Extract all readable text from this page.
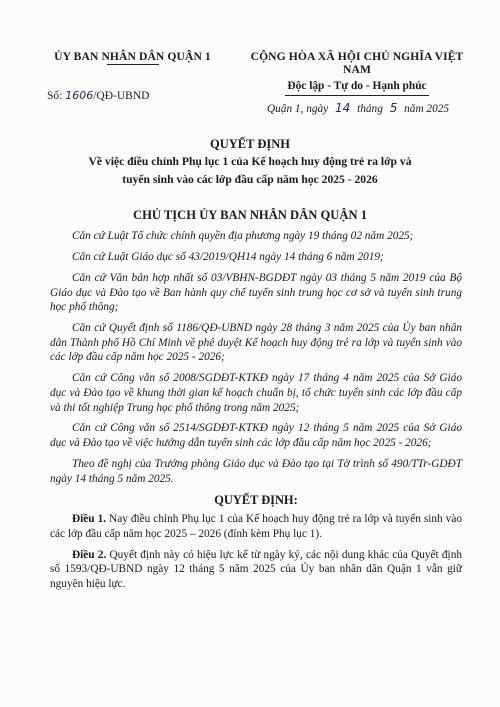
ỦY BAN NHÂN DÂN QUẬN 1	CỘNG HÒA XÃ HỘI CHỦ NGHĨA VIỆT NAM
Độc lập - Tự do - Hạnh phúc
Số: 1606/QĐ-UBND
Quận 1, ngày 14 tháng 5 năm 2025
QUYẾT ĐỊNH
Về việc điều chỉnh Phụ lục 1 của Kế hoạch huy động trẻ ra lớp và
tuyển sinh vào các lớp đầu cấp năm học 2025 - 2026
CHỦ TỊCH ỦY BAN NHÂN DÂN QUẬN 1

Căn cứ Luật Tổ chức chính quyền địa phương ngày 19 tháng 02 năm 2025;

Căn cứ Luật Giáo dục số 43/2019/QH14 ngày 14 tháng 6 năm 2019;

Căn cứ Văn bản hợp nhất số 03/VBHN-BGDĐT ngày 03 tháng 5 năm 2019 của Bộ Giáo dục và Đào tạo về Ban hành quy chế tuyển sinh trung học cơ sở và tuyển sinh trung học phổ thông;

Căn cứ Quyết định số 1186/QĐ-UBND ngày 28 tháng 3 năm 2025 của Ủy ban nhân dân Thành phố Hồ Chí Minh về phê duyệt Kế hoạch huy động trẻ ra lớp và tuyển sinh vào các lớp đầu cấp năm học 2025 - 2026;

Căn cứ Công văn số 2008/SGDĐT-KTKĐ ngày 17 tháng 4 năm 2025 của Sở Giáo dục và Đào tạo về khung thời gian kế hoạch chuẩn bị, tổ chức tuyển sinh các lớp đầu cấp và thi tốt nghiệp Trung học phổ thông trong năm 2025;

Căn cứ Công văn số 2514/SGDĐT-KTKĐ ngày 12 tháng 5 năm 2025 của Sở Giáo dục và Đào tạo về việc hướng dẫn tuyển sinh các lớp đầu cấp năm học 2025 - 2026;

Theo đề nghị của Trưởng phòng Giáo dục và Đào tạo tại Tờ trình số 490/TTr-GDĐT ngày 14 tháng 5 năm 2025.

QUYẾT ĐỊNH:

Điều 1. Nay điều chỉnh Phụ lục 1 của Kế hoạch huy động trẻ ra lớp và tuyển sinh vào các lớp đầu cấp năm học 2025 – 2026 (đính kèm Phụ lục 1).

Điều 2. Quyết định này có hiệu lực kể từ ngày ký, các nội dung khác của Quyết định số 1593/QĐ-UBND ngày 12 tháng 5 năm 2025 của Ủy ban nhân dân Quận 1 vẫn giữ nguyên hiệu lực.
